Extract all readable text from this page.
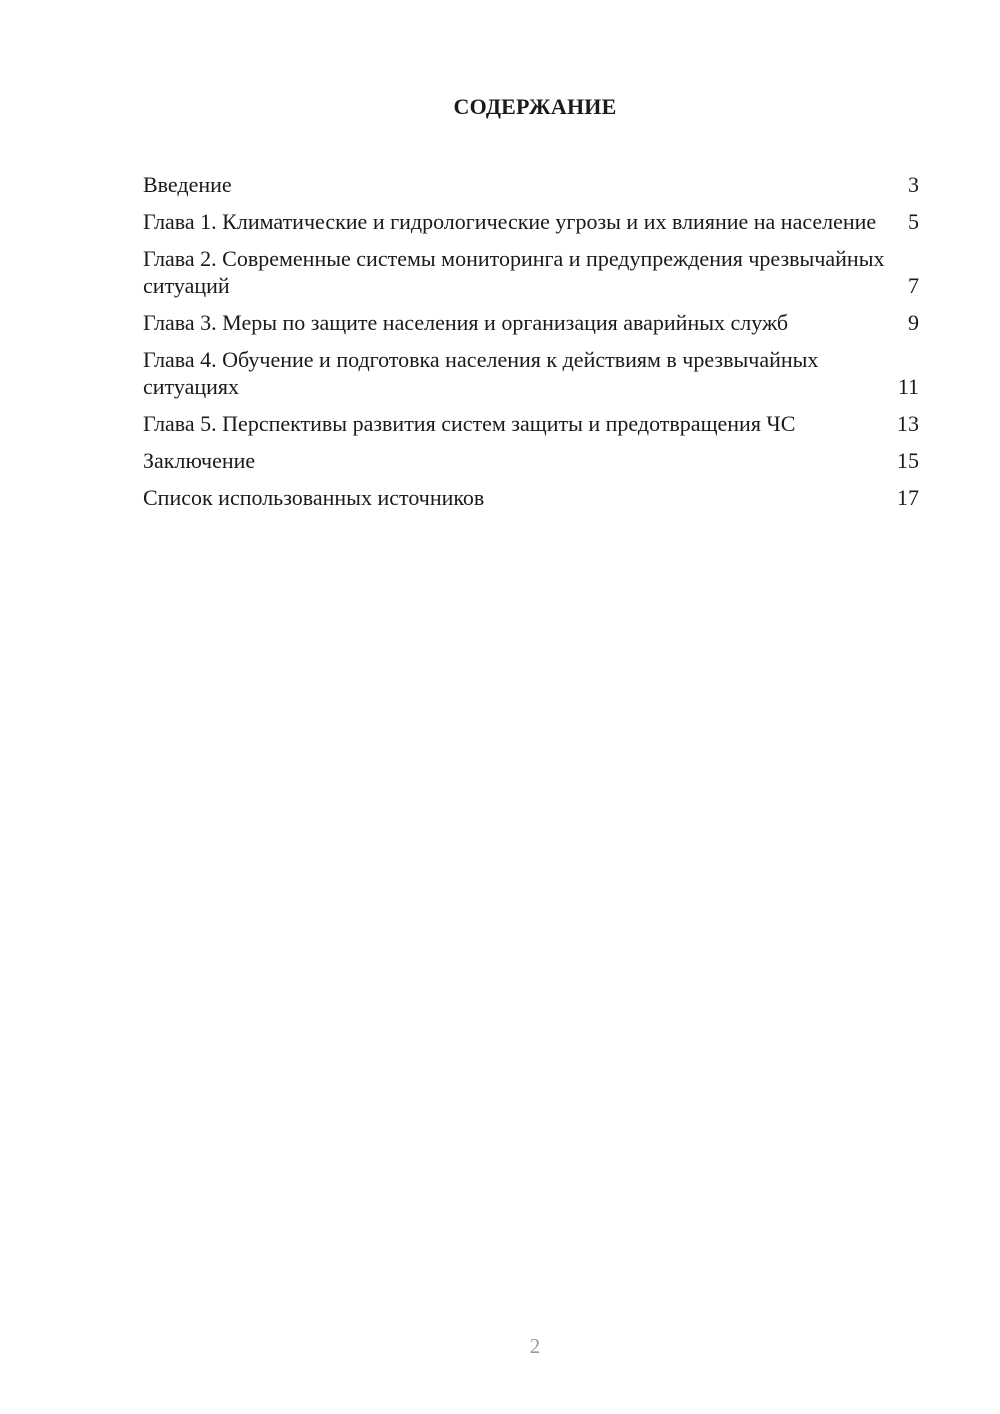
СОДЕРЖАНИЕ
Введение	3
Глава 1. Климатические и гидрологические угрозы и их влияние на население	5
Глава 2. Современные системы мониторинга и предупреждения чрезвычайных ситуаций	7
Глава 3. Меры по защите населения и организация аварийных служб	9
Глава 4. Обучение и подготовка населения к действиям в чрезвычайных ситуациях	11
Глава 5. Перспективы развития систем защиты и предотвращения ЧС	13
Заключение	15
Список использованных источников	17
2
